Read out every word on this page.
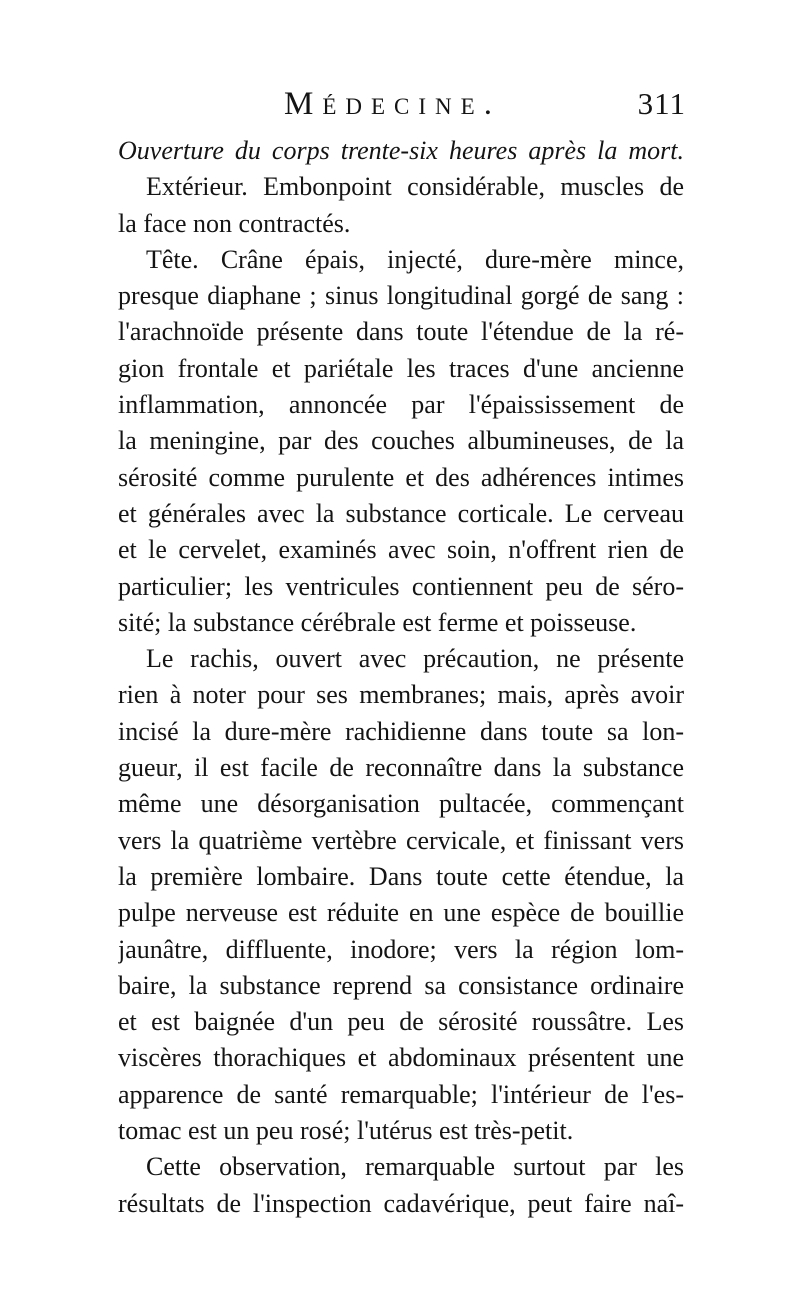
Médecine.	311
Ouverture du corps trente-six heures après la mort.
Extérieur. Embonpoint considérable, muscles de
la face non contractés.
Tête. Crâne épais, injecté, dure-mère mince,
presque diaphane ; sinus longitudinal gorgé de sang :
l'arachnoïde présente dans toute l'étendue de la ré-
gion frontale et pariétale les traces d'une ancienne
inflammation, annoncée par l'épaississement de
la meningine, par des couches albumineuses, de la
sérosité comme purulente et des adhérences intimes
et générales avec la substance corticale. Le cerveau
et le cervelet, examinés avec soin, n'offrent rien de
particulier; les ventricules contiennent peu de séro-
sité; la substance cérébrale est ferme et poisseuse.
Le rachis, ouvert avec précaution, ne présente
rien à noter pour ses membranes; mais, après avoir
incisé la dure-mère rachidienne dans toute sa lon-
gueur, il est facile de reconnaître dans la substance
même une désorganisation pultacée, commençant
vers la quatrième vertèbre cervicale, et finissant vers
la première lombaire. Dans toute cette étendue, la
pulpe nerveuse est réduite en une espèce de bouillie
jaunâtre, diffluente, inodore; vers la région lom-
baire, la substance reprend sa consistance ordinaire
et est baignée d'un peu de sérosité roussâtre. Les
viscères thorachiques et abdominaux présentent une
apparence de santé remarquable; l'intérieur de l'es-
tomac est un peu rosé; l'utérus est très-petit.
Cette observation, remarquable surtout par les
résultats de l'inspection cadavérique, peut faire naî-
